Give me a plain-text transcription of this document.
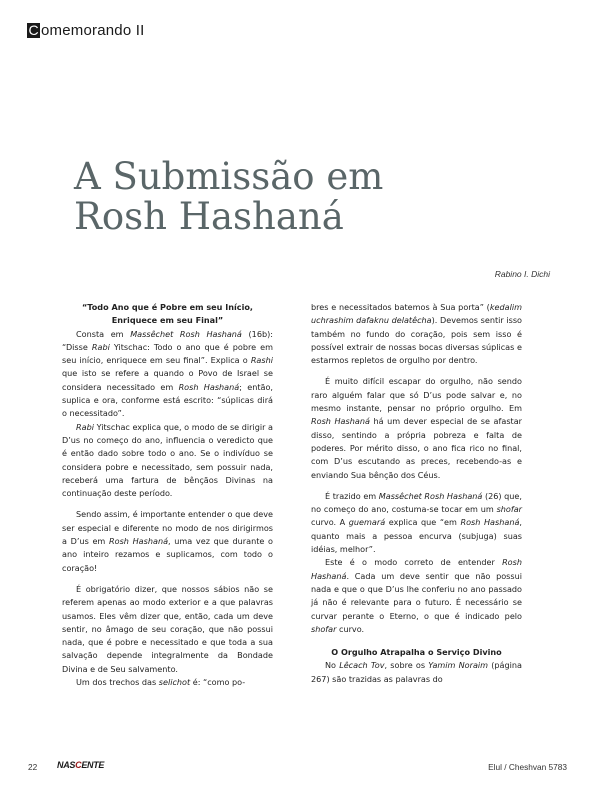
C omemorando II
A Submissão em
Rosh Hashaná
Rabino I. Dichi

“Todo Ano que é Pobre em seu Início, Enriquece em seu Final”

Consta em Massêchet Rosh Hashaná (16b): “Disse Rabi Yitschac: Todo o ano que é pobre em seu início, enriquece em seu final”. Explica o Rashi que isto se refere a quando o Povo de Israel se considera necessitado em Rosh Hashaná; então, suplica e ora, conforme está escrito: “súplicas dirá o necessitado”.

Rabi Yitschac explica que, o modo de se dirigir a D’us no começo do ano, influencia o veredicto que é então dado sobre todo o ano. Se o indivíduo se considera pobre e necessitado, sem possuir nada, receberá uma fartura de bênçãos Divinas na continuação deste período.

Sendo assim, é importante entender o que deve ser especial e diferente no modo de nos dirigirmos a D’us em Rosh Hashaná, uma vez que durante o ano inteiro rezamos e suplicamos, com todo o coração!

É obrigatório dizer, que nossos sábios não se referem apenas ao modo exterior e a que palavras usamos. Eles vêm dizer que, então, cada um deve sentir, no âmago de seu coração, que não possui nada, que é pobre e necessitado e que toda a sua salvação depende integralmente da Bondade Divina e de Seu salvamento.

Um dos trechos das selichot é: “como po-

bres e necessitados batemos à Sua porta” (kedalim uchrashim dafaknu delatêcha). Devemos sentir isso também no fundo do coração, pois sem isso é possível extrair de nossas bocas diversas súplicas e estarmos repletos de orgulho por dentro.

É muito difícil escapar do orgulho, não sendo raro alguém falar que só D’us pode salvar e, no mesmo instante, pensar no próprio orgulho. Em Rosh Hashaná há um dever especial de se afastar disso, sentindo a própria pobreza e falta de poderes. Por mérito disso, o ano fica rico no final, com D’us escutando as preces, recebendo-as e enviando Sua bênção dos Céus.

É trazido em Massêchet Rosh Hashaná (26) que, no começo do ano, costuma-se tocar em um shofar curvo. A guemará explica que “em Rosh Hashaná, quanto mais a pessoa encurva (subjuga) suas idéias, melhor”.

Este é o modo correto de entender Rosh Hashaná. Cada um deve sentir que não possui nada e que o que D’us lhe conferiu no ano passado já não é relevante para o futuro. É necessário se curvar perante o Eterno, o que é indicado pelo shofar curvo.

O Orgulho Atrapalha o Serviço Divino

No Lêcach Tov, sobre os Yamim Noraim (página 267) são trazidas as palavras do

22 NASCENTE	Elul / Cheshvan 5783
